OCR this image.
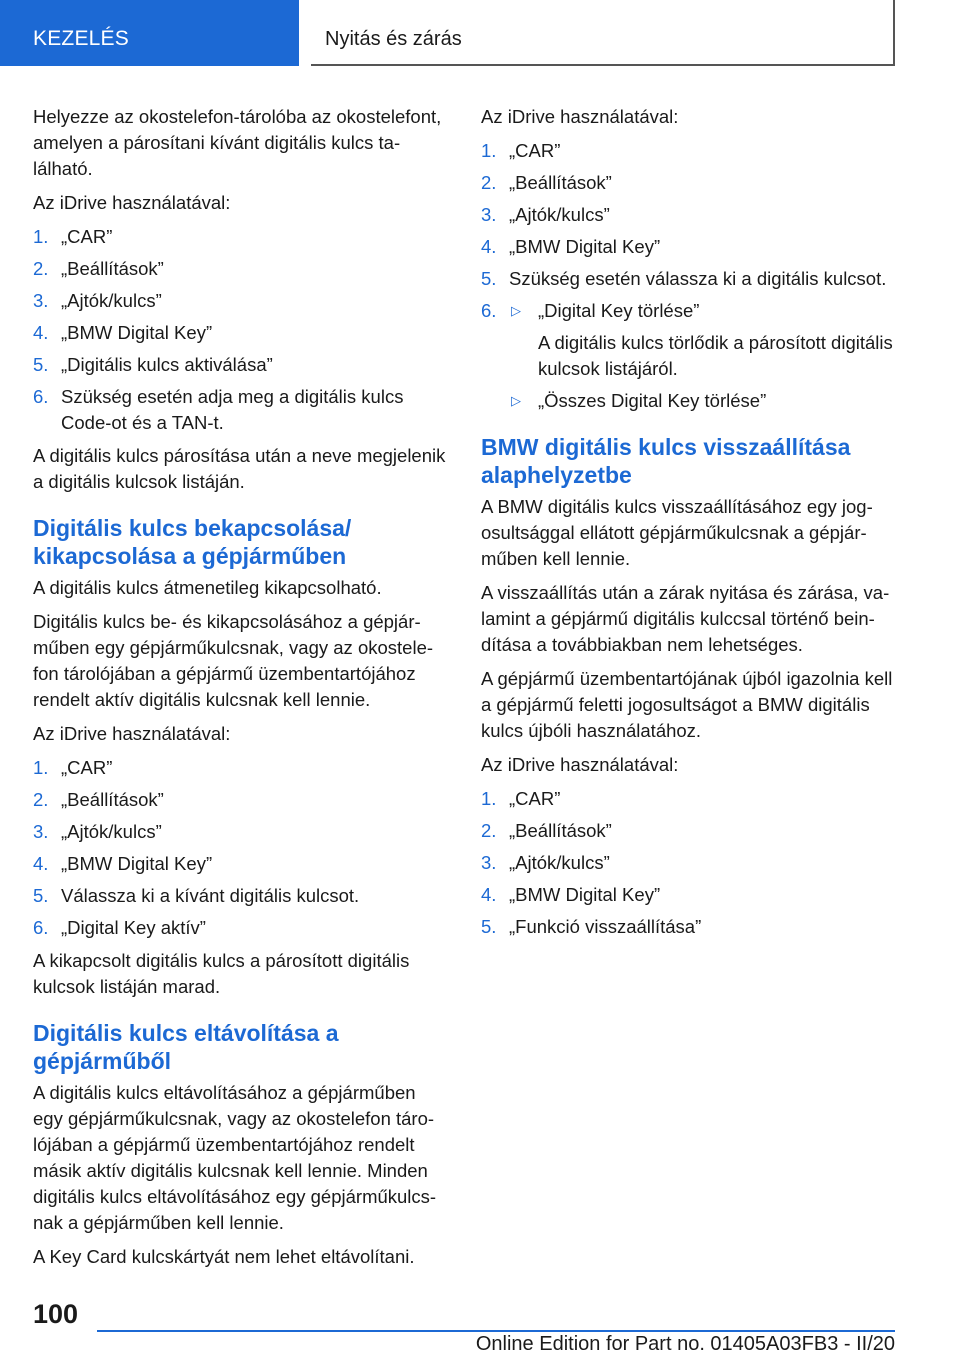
KEZELÉS	Nyitás és zárás

Helyezze az okostelefon-tárolóba az okostelefont, amelyen a párosítani kívánt digitális kulcs található.

Az iDrive használatával:

1. „CAR”
2. „Beállítások”
3. „Ajtók/kulcs”
4. „BMW Digital Key”
5. „Digitális kulcs aktiválása”
6. Szükség esetén adja meg a digitális kulcs Code-ot és a TAN-t.

A digitális kulcs párosítása után a neve megjelenik a digitális kulcsok listáján.

Digitális kulcs bekapcsolása/ kikapcsolása a gépjárműben

A digitális kulcs átmenetileg kikapcsolható.

Digitális kulcs be- és kikapcsolásához a gépjárműben egy gépjárműkulcsnak, vagy az okostelefon tárolójában a gépjármű üzembentartójához rendelt aktív digitális kulcsnak kell lennie.

Az iDrive használatával:

1. „CAR”
2. „Beállítások”
3. „Ajtók/kulcs”
4. „BMW Digital Key”
5. Válassza ki a kívánt digitális kulcsot.
6. „Digital Key aktív”

A kikapcsolt digitális kulcs a párosított digitális kulcsok listáján marad.

Digitális kulcs eltávolítása a gépjárműből

A digitális kulcs eltávolításához a gépjárműben egy gépjárműkulcsnak, vagy az okostelefon tárolójában a gépjármű üzembentartójához rendelt másik aktív digitális kulcsnak kell lennie. Minden digitális kulcs eltávolításához egy gépjárműkulcsnak a gépjárműben kell lennie.

A Key Card kulcskártyát nem lehet eltávolítani.

Az iDrive használatával:

1. „CAR”
2. „Beállítások”
3. „Ajtók/kulcs”
4. „BMW Digital Key”
5. Szükség esetén válassza ki a digitális kulcsot.
6. ▷ „Digital Key törlése”
A digitális kulcs törlődik a párosított digitális kulcsok listájáról.
▷ „Összes Digital Key törlése”
BMW digitális kulcs visszaállítása alaphelyzetbe

A BMW digitális kulcs visszaállításához egy jogosultsággal ellátott gépjárműkulcsnak a gépjárműben kell lennie.

A visszaállítás után a zárak nyitása és zárása, valamint a gépjármű digitális kulccsal történő beindítása a továbbiakban nem lehetséges.

A gépjármű üzembentartójának újból igazolnia kell a gépjármű feletti jogosultságot a BMW digitális kulcs újbóli használatához.

Az iDrive használatával:

1. „CAR”
2. „Beállítások”
3. „Ajtók/kulcs”
4. „BMW Digital Key”
5. „Funkció visszaállítása”
100
Online Edition for Part no. 01405A03FB3 - II/20
